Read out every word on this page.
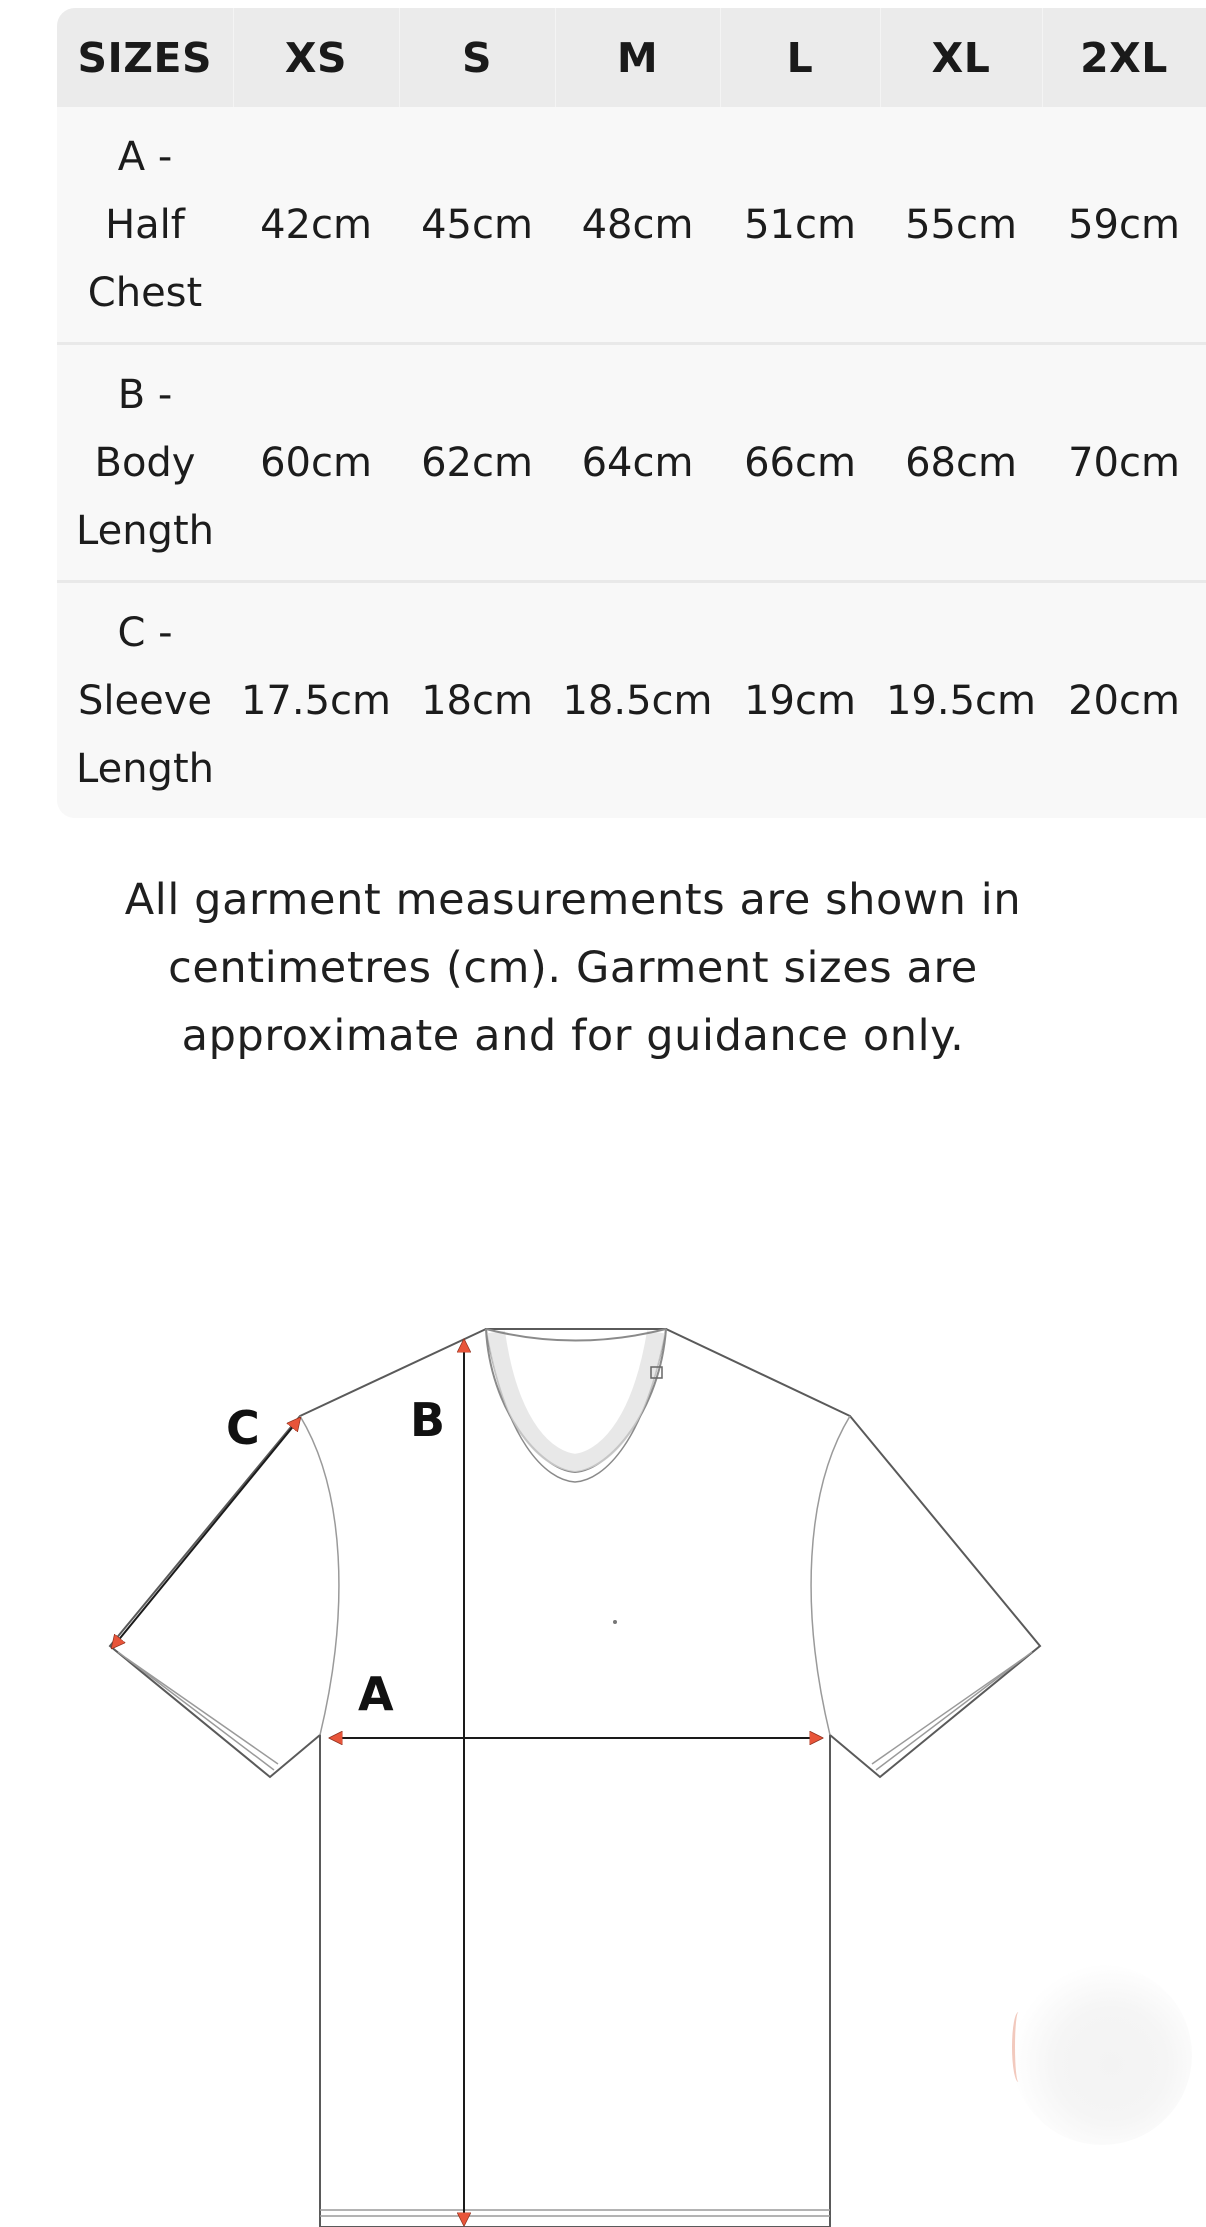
SIZES	XS	S	M	L	XL	2XL
A -
Half
Chest	42cm	45cm	48cm	51cm	55cm	59cm
B -
Body
Length	60cm	62cm	64cm	66cm	68cm	70cm
C -
Sleeve
Length	17.5cm	18cm	18.5cm	19cm	19.5cm	20cm
All garment measurements are shown in centimetres (cm). Garment sizes are approximate and for guidance only.
A
B
C
